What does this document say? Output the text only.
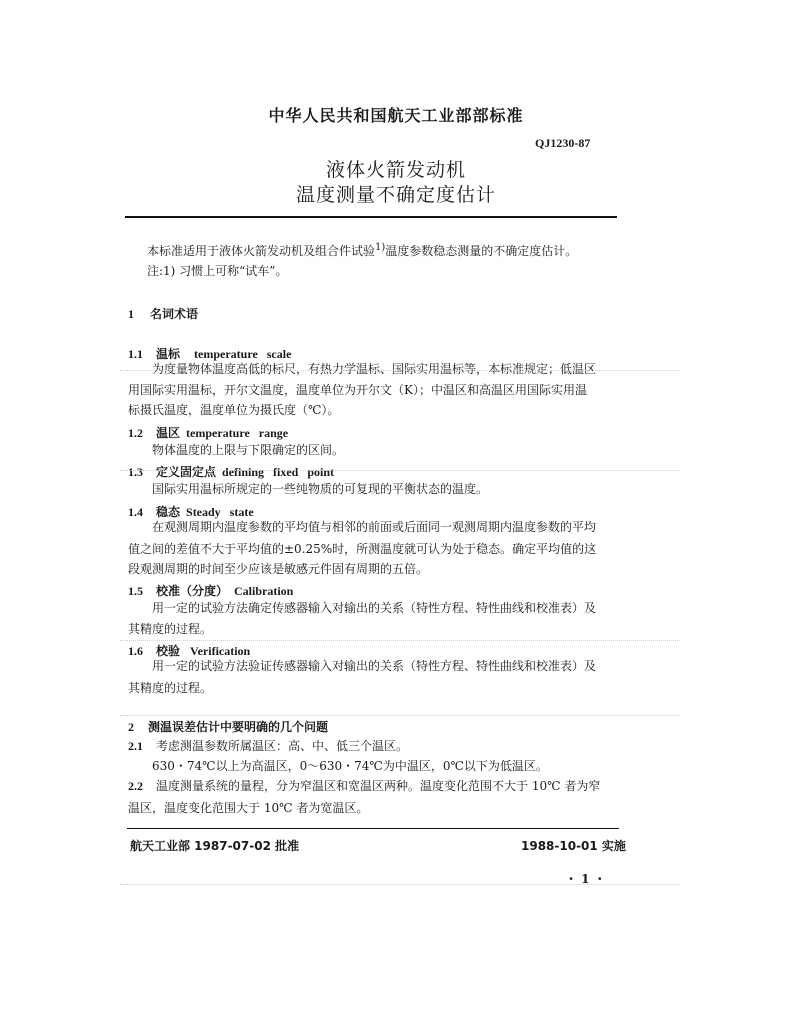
中华人民共和国航天工业部部标准
QJ1230-87
液体火箭发动机
温度测量不确定度估计
本标准适用于液体火箭发动机及组合件试验$^{1)}$温度参数稳态测量的不确定度估计。
注:1) 习惯上可称“试车”。
1 名词术语
1.1 温标 temperature   scale
为度量物体温度高低的标尺，有热力学温标、国际实用温标等，本标准规定；低温区
用国际实用温标，开尔文温度，温度单位为开尔文（K）；中温区和高温区用国际实用温
标摄氏温度，温度单位为摄氏度（℃）。
1.2 温区 temperature   range
物体温度的上限与下限确定的区间。
1.3 定义固定点 defining   fixed   point
国际实用温标所规定的一些纯物质的可复现的平衡状态的温度。
1.4 稳态 Steady   state
在观测周期内温度参数的平均值与相邻的前面或后面同一观测周期内温度参数的平均
值之间的差值不大于平均值的±0.25%时，所测温度就可认为处于稳态。确定平均值的这
段观测周期的时间至少应该是敏感元件固有周期的五倍。
1.5 校准（分度） Calibration
用一定的试验方法确定传感器输入对输出的关系（特性方程、特性曲线和校准表）及
其精度的过程。
1.6 校验 Verification
用一定的试验方法验证传感器输入对输出的关系（特性方程、特性曲线和校准表）及
其精度的过程。
2 测温误差估计中要明确的几个问题
2.1 考虑测温参数所属温区：高、中、低三个温区。
630・74℃以上为高温区，0～630・74℃为中温区，0℃以下为低温区。
2.2 温度测量系统的量程，分为窄温区和宽温区两种。温度变化范围不大于 10℃ 者为窄
温区，温度变化范围大于 10℃ 者为宽温区。
航天工业部 1987-07-02 批准	1988-10-01 实施
・ 1 ・
